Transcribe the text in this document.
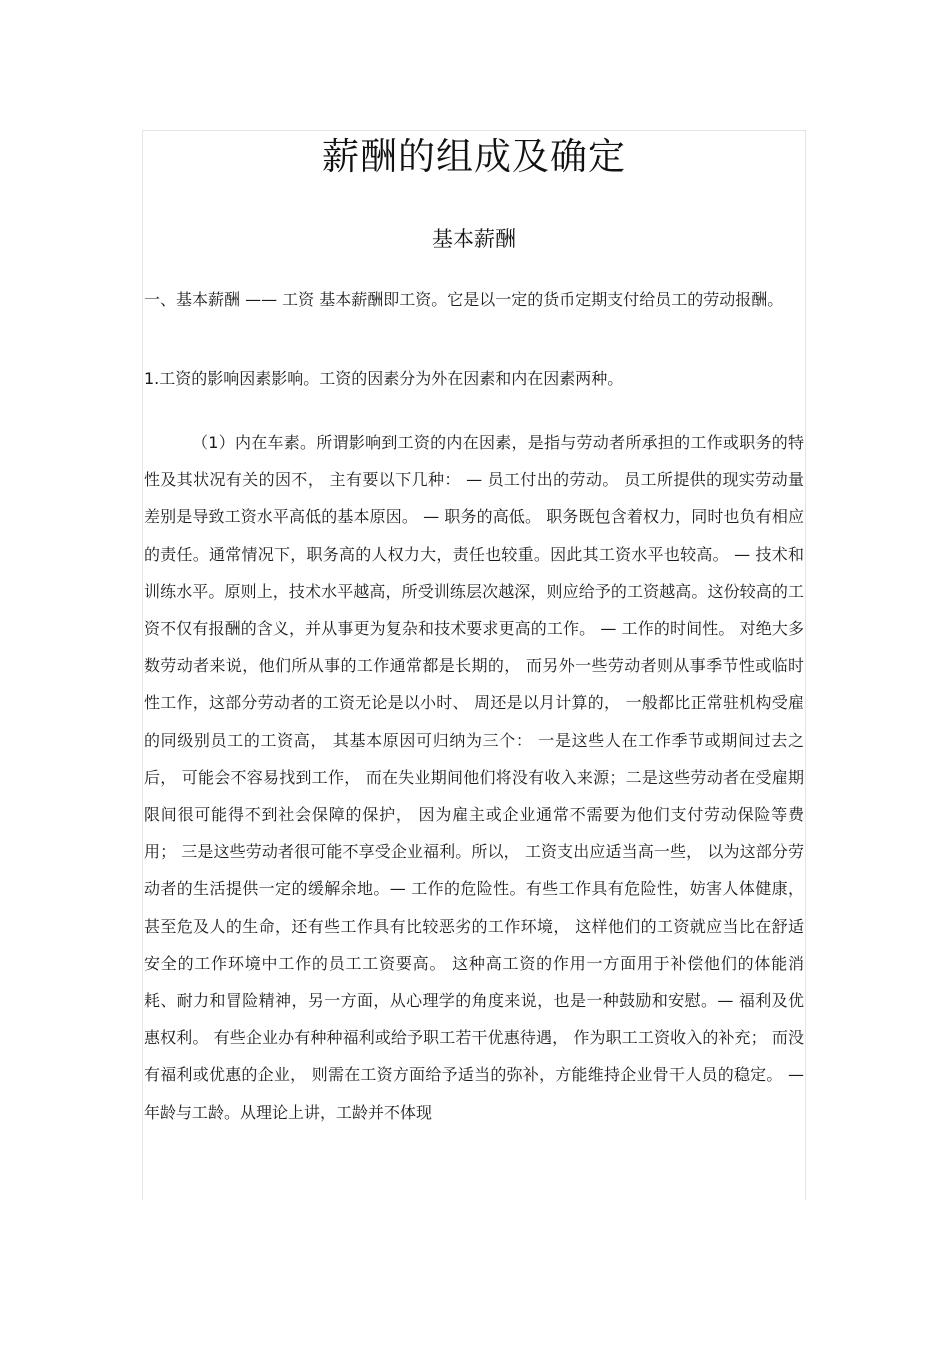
薪酬的组成及确定
基本薪酬

一、基本薪酬 —— 工资 基本薪酬即工资。它是以一定的货币定期支付给员工的劳动报酬。

1.工资的影响因素影响。工资的因素分为外在因素和内在因素两种。

（1）内在车素。所谓影响到工资的内在因素，是指与劳动者所承担的工作或职务的特性及其状况有关的因不， 主有要以下几种： — 员工付出的劳动。 员工所提供的现实劳动量差别是导致工资水平高低的基本原因。 — 职务的高低。 职务既包含着权力，同时也负有相应的责任。通常情况下，职务高的人权力大，责任也较重。因此其工资水平也较高。 — 技术和训练水平。原则上，技术水平越高，所受训练层次越深，则应给予的工资越高。这份较高的工资不仅有报酬的含义，并从事更为复杂和技术要求更高的工作。 — 工作的时间性。 对绝大多数劳动者来说，他们所从事的工作通常都是长期的， 而另外一些劳动者则从事季节性或临时性工作，这部分劳动者的工资无论是以小时、 周还是以月计算的， 一般都比正常驻机构受雇的同级别员工的工资高， 其基本原因可归纳为三个： 一是这些人在工作季节或期间过去之后， 可能会不容易找到工作， 而在失业期间他们将没有收入来源；二是这些劳动者在受雇期限间很可能得不到社会保障的保护， 因为雇主或企业通常不需要为他们支付劳动保险等费用； 三是这些劳动者很可能不享受企业福利。所以， 工资支出应适当高一些， 以为这部分劳动者的生活提供一定的缓解余地。— 工作的危险性。有些工作具有危险性，妨害人体健康，甚至危及人的生命，还有些工作具有比较恶劣的工作环境， 这样他们的工资就应当比在舒适安全的工作环境中工作的员工工资要高。 这种高工资的作用一方面用于补偿他们的体能消耗、耐力和冒险精神，另一方面，从心理学的角度来说，也是一种鼓励和安慰。— 福利及优惠权利。 有些企业办有种种福利或给予职工若干优惠待遇， 作为职工工资收入的补充； 而没有福利或优惠的企业， 则需在工资方面给予适当的弥补，方能维持企业骨干人员的稳定。 — 年龄与工龄。从理论上讲，工龄并不体现
